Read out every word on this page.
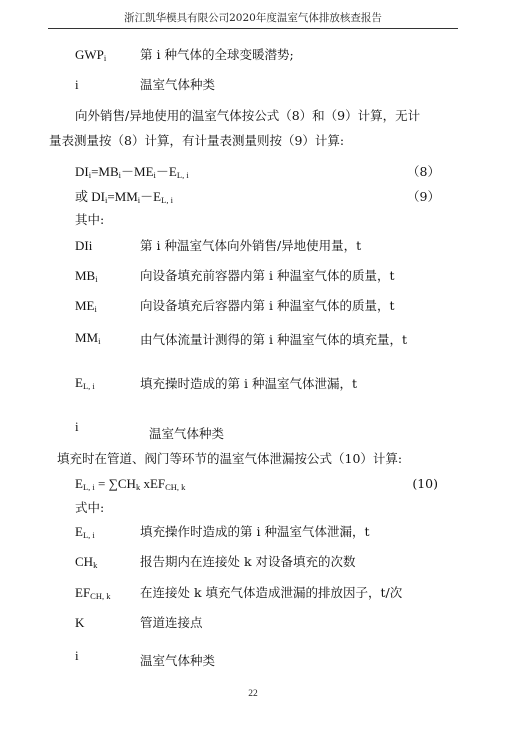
浙江凯华模具有限公司2020年度温室气体排放核查报告
$GWP_i$	第 i 种气体的全球变暖潜势;
i	温室气体种类
向外销售/异地使用的温室气体按公式（8）和（9）计算，无计
量表测量按（8）计算，有计量表测量则按（9）计算:
$DI_i=MB_i-ME_i-E_{L, i}$	（8）
或 $DI_i=MM_i-E_{L, i}$	（9）
其中:
DIi	第 i 种温室气体向外销售/异地使用量，t
$MB_i$	向设备填充前容器内第 i 种温室气体的质量，t
$ME_i$	向设备填充后容器内第 i 种温室气体的质量，t
$MM_i$	由气体流量计测得的第 i 种温室气体的填充量，t
$E_{L, i}$	填充操时造成的第 i 种温室气体泄漏，t
i	温室气体种类
填充时在管道、阀门等环节的温室气体泄漏按公式（10）计算:
$E_{L, i} = \sum CH_k$ xEF$_{CH, k}$	(10)
式中:
$E_{L, i}$	填充操作时造成的第 i 种温室气体泄漏，t
$CH_k$	报告期内在连接处 k 对设备填充的次数
$EF_{CH, k}$ 在连接处 k 填充气体造成泄漏的排放因子，t/次
K	管道连接点
i	温室气体种类
22
